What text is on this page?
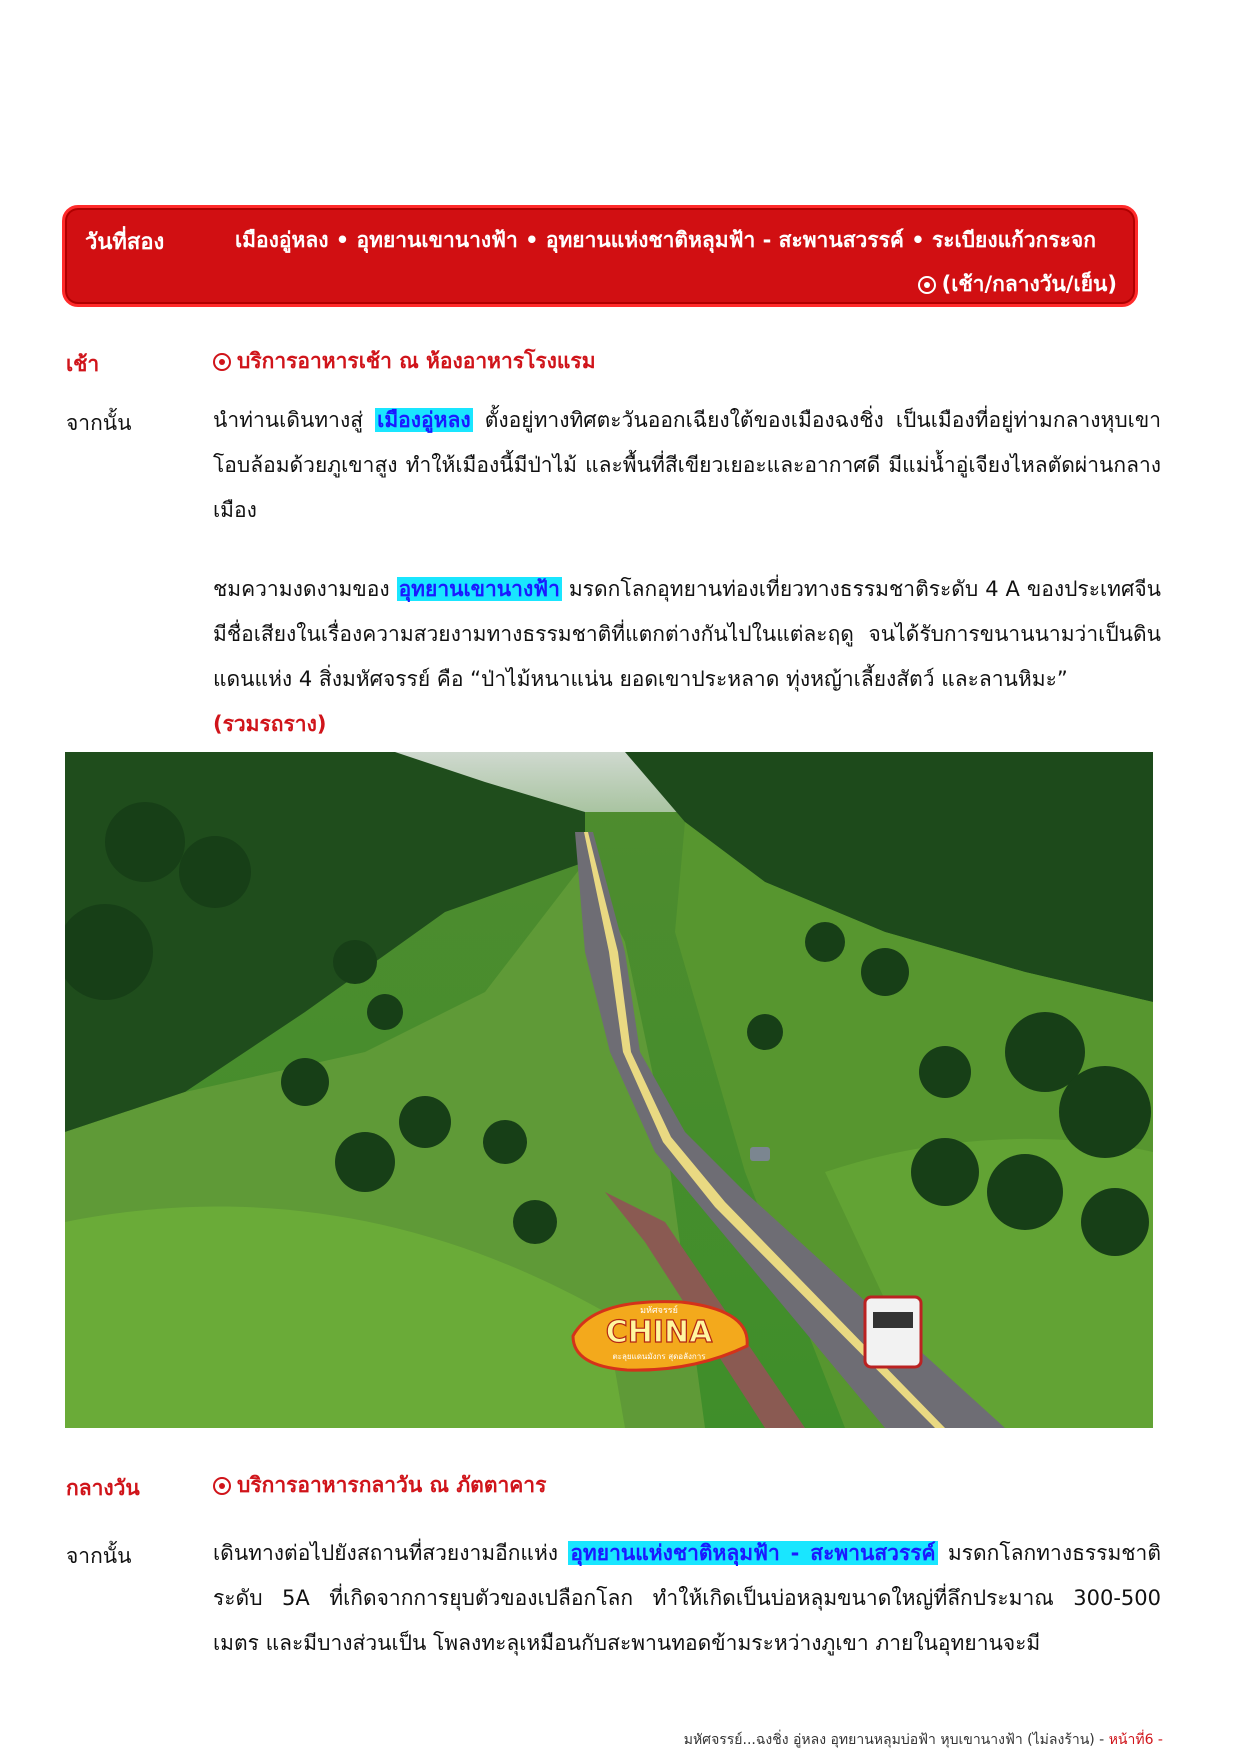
วันที่สอง	เมืองอู่หลง • อุทยานเขานางฟ้า • อุทยานแห่งชาติหลุมฟ้า - สะพานสวรรค์ • ระเบียงแก้วกระจก
(เช้า/กลางวัน/เย็น)
เช้า	บริการอาหารเช้า ณ ห้องอาหารโรงแรม
จากนั้น	นำท่านเดินทางสู่ เมืองอู่หลง ตั้งอยู่ทางทิศตะวันออกเฉียงใต้ของเมืองฉงชิ่ง เป็นเมืองที่อยู่ท่ามกลางหุบเขาโอบล้อมด้วยภูเขาสูง ทำให้เมืองนี้มีป่าไม้ และพื้นที่สีเขียวเยอะและอากาศดี มีแม่น้ำอู่เจียงไหลตัดผ่านกลางเมือง
ชมความงดงามของ อุทยานเขานางฟ้า มรดกโลกอุทยานท่องเที่ยวทางธรรมชาติระดับ 4 A ของประเทศจีน มีชื่อเสียงในเรื่องความสวยงามทางธรรมชาติที่แตกต่างกันไปในแต่ละฤดู จนได้รับการขนานนามว่าเป็นดินแดนแห่ง 4 สิ่งมหัศจรรย์ คือ “ป่าไม้หนาแน่น ยอดเขาประหลาด ทุ่งหญ้าเลี้ยงสัตว์ และลานหิมะ”
(รวมรถราง)
มหัศจรรย์
CHINA
ตะลุยแดนมังกร สุดอลังการ
กลางวัน	บริการอาหารกลาวัน ณ ภัตตาคาร
จากนั้น	เดินทางต่อไปยังสถานที่สวยงามอีกแห่ง อุทยานแห่งชาติหลุมฟ้า - สะพานสวรรค์ มรดกโลกทางธรรมชาติระดับ 5A ที่เกิดจากการยุบตัวของเปลือกโลก ทำให้เกิดเป็นบ่อหลุมขนาดใหญ่ที่ลึกประมาณ 300-500 เมตร และมีบางส่วนเป็น โพลงทะลุเหมือนกับสะพานทอดข้ามระหว่างภูเขา ภายในอุทยานจะมี
มหัศจรรย์...ฉงชิ่ง อู่หลง อุทยานหลุมบ่อฟ้า หุบเขานางฟ้า (ไม่ลงร้าน) - หน้าที่6 -
